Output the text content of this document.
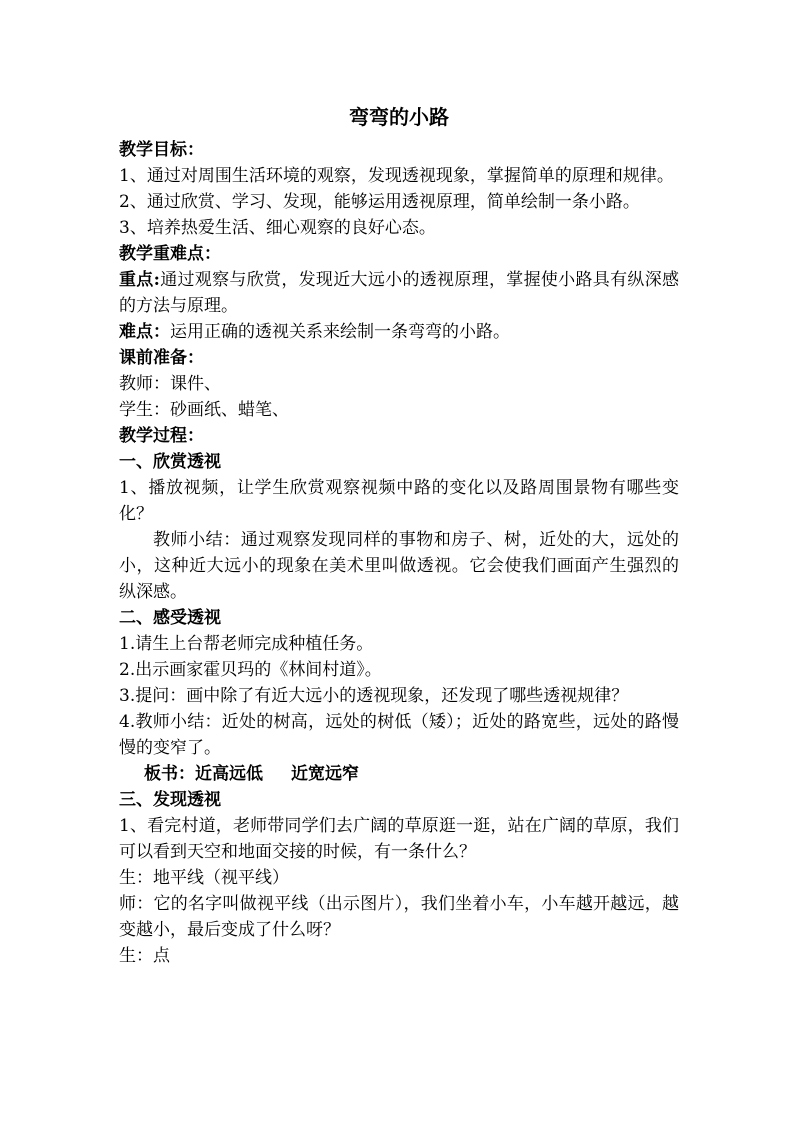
弯弯的小路
教学目标：

1、通过对周围生活环境的观察，发现透视现象，掌握简单的原理和规律。

2、通过欣赏、学习、发现，能够运用透视原理，简单绘制一条小路。

3、培养热爱生活、细心观察的良好心态。

教学重难点：

重点:通过观察与欣赏，发现近大远小的透视原理，掌握使小路具有纵深感的方法与原理。

难点：运用正确的透视关系来绘制一条弯弯的小路。

课前准备：
教师：课件、
学生：砂画纸、蜡笔、
教学过程：
一、欣赏透视

1、播放视频，让学生欣赏观察视频中路的变化以及路周围景物有哪些变化？

教师小结：通过观察发现同样的事物和房子、树，近处的大，远处的小，这种近大远小的现象在美术里叫做透视。它会使我们画面产生强烈的纵深感。

二、感受透视

1.请生上台帮老师完成种植任务。

2.出示画家霍贝玛的《林间村道》。

3.提问：画中除了有近大远小的透视现象，还发现了哪些透视规律？

4.教师小结：近处的树高，远处的树低（矮）；近处的路宽些，远处的路慢慢的变窄了。

板书：近高远低 近宽远窄
三、发现透视

1、看完村道，老师带同学们去广阔的草原逛一逛，站在广阔的草原，我们可以看到天空和地面交接的时候，有一条什么？

生：地平线（视平线）

师：它的名字叫做视平线（出示图片），我们坐着小车，小车越开越远，越变越小，最后变成了什么呀？

生：点
